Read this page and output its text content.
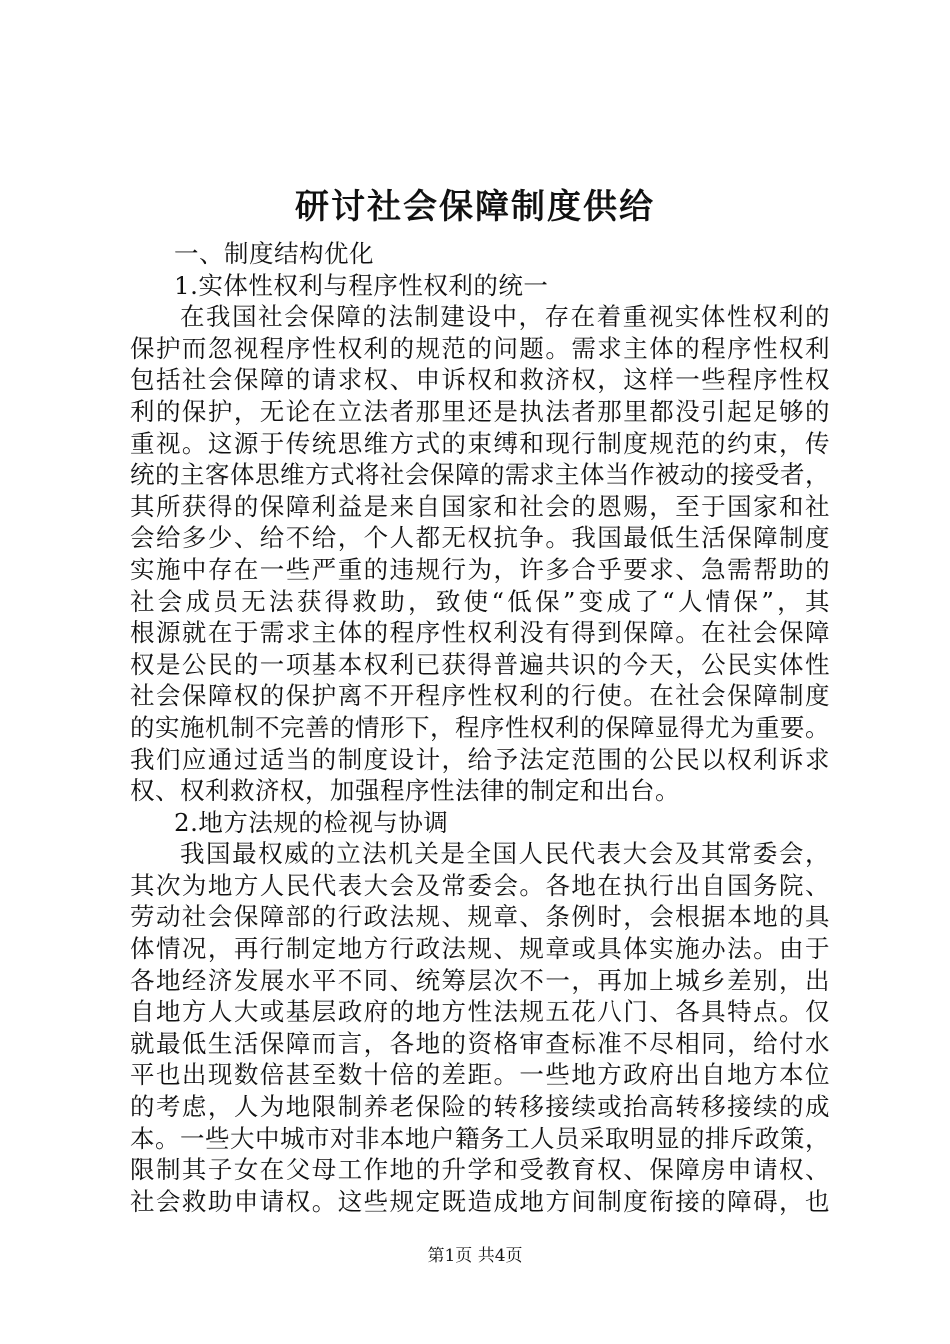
研讨社会保障制度供给
一、制度结构优化
1.实体性权利与程序性权利的统一
在我国社会保障的法制建设中，存在着重视实体性权利的
保护而忽视程序性权利的规范的问题。需求主体的程序性权利
包括社会保障的请求权、申诉权和救济权，这样一些程序性权
利的保护，无论在立法者那里还是执法者那里都没引起足够的
重视。这源于传统思维方式的束缚和现行制度规范的约束，传
统的主客体思维方式将社会保障的需求主体当作被动的接受者，
其所获得的保障利益是来自国家和社会的恩赐，至于国家和社
会给多少、给不给，个人都无权抗争。我国最低生活保障制度
实施中存在一些严重的违规行为，许多合乎要求、急需帮助的
社会成员无法获得救助，致使“低保”变成了“人情保”，其
根源就在于需求主体的程序性权利没有得到保障。在社会保障
权是公民的一项基本权利已获得普遍共识的今天，公民实体性
社会保障权的保护离不开程序性权利的行使。在社会保障制度
的实施机制不完善的情形下，程序性权利的保障显得尤为重要。
我们应通过适当的制度设计，给予法定范围的公民以权利诉求
权、权利救济权，加强程序性法律的制定和出台。
2.地方法规的检视与协调
我国最权威的立法机关是全国人民代表大会及其常委会，
其次为地方人民代表大会及常委会。各地在执行出自国务院、
劳动社会保障部的行政法规、规章、条例时，会根据本地的具
体情况，再行制定地方行政法规、规章或具体实施办法。由于
各地经济发展水平不同、统筹层次不一，再加上城乡差别，出
自地方人大或基层政府的地方性法规五花八门、各具特点。仅
就最低生活保障而言，各地的资格审查标准不尽相同，给付水
平也出现数倍甚至数十倍的差距。一些地方政府出自地方本位
的考虑，人为地限制养老保险的转移接续或抬高转移接续的成
本。一些大中城市对非本地户籍务工人员采取明显的排斥政策，
限制其子女在父母工作地的升学和受教育权、保障房申请权、
社会救助申请权。这些规定既造成地方间制度衔接的障碍，也
第1页 共4页
